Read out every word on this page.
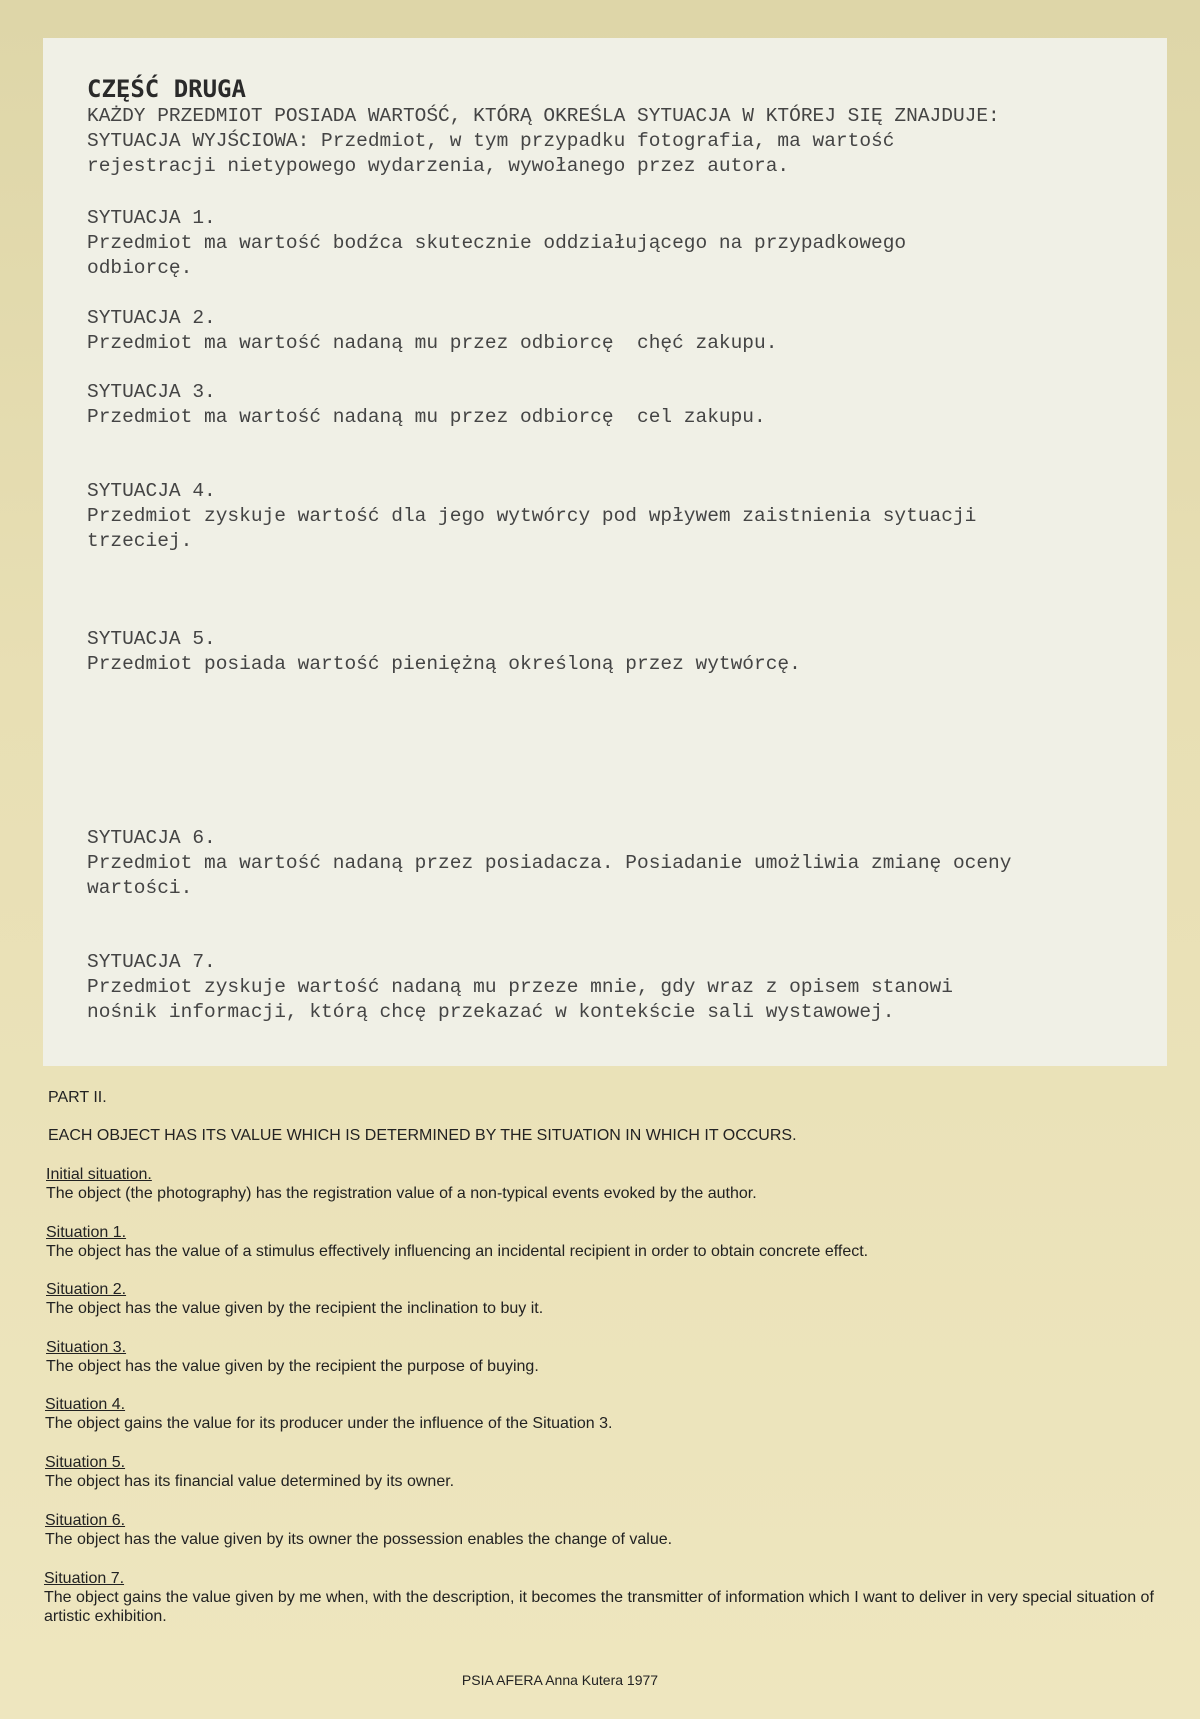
CZĘŚĆ DRUGA

KAŻDY PRZEDMIOT POSIADA WARTOŚĆ, KTÓRĄ OKREŚLA SYTUACJA W KTÓREJ SIĘ ZNAJDUJE:

SYTUACJA WYJŚCIOWA: Przedmiot, w tym przypadku fotografia, ma wartość

rejestracji nietypowego wydarzenia, wywołanego przez autora.

SYTUACJA 1.

Przedmiot ma wartość bodźca skutecznie oddziałującego na przypadkowego

odbiorcę.

SYTUACJA 2.

Przedmiot ma wartość nadaną mu przez odbiorcę  chęć zakupu.

SYTUACJA 3.

Przedmiot ma wartość nadaną mu przez odbiorcę  cel zakupu.

SYTUACJA 4.

Przedmiot zyskuje wartość dla jego wytwórcy pod wpływem zaistnienia sytuacji

trzeciej.

SYTUACJA 5.

Przedmiot posiada wartość pieniężną określoną przez wytwórcę.

SYTUACJA 6.

Przedmiot ma wartość nadaną przez posiadacza. Posiadanie umożliwia zmianę oceny

wartości.

SYTUACJA 7.

Przedmiot zyskuje wartość nadaną mu przeze mnie, gdy wraz z opisem stanowi

nośnik informacji, którą chcę przekazać w kontekście sali wystawowej.

PART II.
EACH OBJECT HAS ITS VALUE WHICH IS DETERMINED BY THE SITUATION IN WHICH IT OCCURS.

Initial situation.

The object (the photography) has the registration value of a non-typical events evoked by the author.

Situation 1.

The object has the value of a stimulus effectively influencing an incidental recipient in order to obtain concrete effect.

Situation 2.

The object has the value given by the recipient the inclination to buy it.

Situation 3.

The object has the value given by the recipient the purpose of buying.

Situation 4.

The object gains the value for its producer under the influence of the Situation 3.

Situation 5.

The object has its financial value determined by its owner.

Situation 6.

The object has the value given by its owner the possession enables the change of value.

Situation 7.

The object gains the value given by me when, with the description, it becomes the transmitter of information which I want to deliver in very special situation of artistic exhibition.

PSIA AFERA Anna Kutera 1977
